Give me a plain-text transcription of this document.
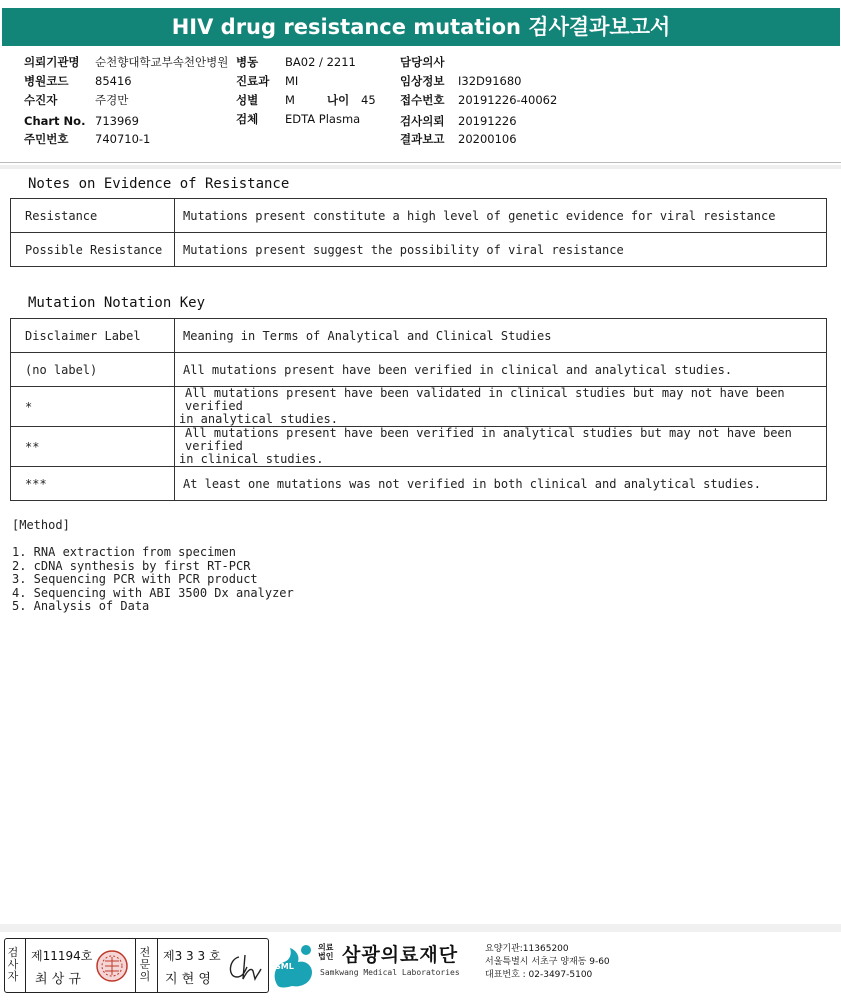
HIV drug resistance mutation 검사결과보고서
의뢰기관명 순천향대학교부속천안병원
병원코드 85416
수진자	주경만
Chart No. 713969
주민번호 740710-1
병동 BA02 / 2211
진료과 MI
성별 M	나이 45
검체 EDTA Plasma
담당의사
임상정보 I32D91680
접수번호 20191226-40062
검사의뢰 20191226
결과보고 20200106
Notes on Evidence of Resistance
Resistance	Mutations present constitute a high level of genetic evidence for viral resistance
Possible Resistance	Mutations present suggest the possibility of viral resistance
Mutation Notation Key
Disclaimer Label	Meaning in Terms of Analytical and Clinical Studies
(no label)	All mutations present have been verified in clinical and analytical studies.
*	All mutations present have been validated in clinical studies but may not have been verified
in analytical studies.

**	All mutations present have been verified in analytical studies but may not have been verified
in clinical studies.

***	At least one mutations was not verified in both clinical and analytical studies.
[Method]
1. RNA extraction from specimen
2. cDNA synthesis by first RT-PCR
3. Sequencing PCR with PCR product
4. Sequencing with ABI 3500 Dx analyzer
5. Analysis of Data
검사자
제11194호
최 상 규
전문의
제3 3 3 호
지 현 영
SML
의료
법인 삼광의료재단
Samkwang Medical Laboratories
요양기관:11365200
서울특별시 서초구 양재동 9-60
대표번호 : 02-3497-5100
